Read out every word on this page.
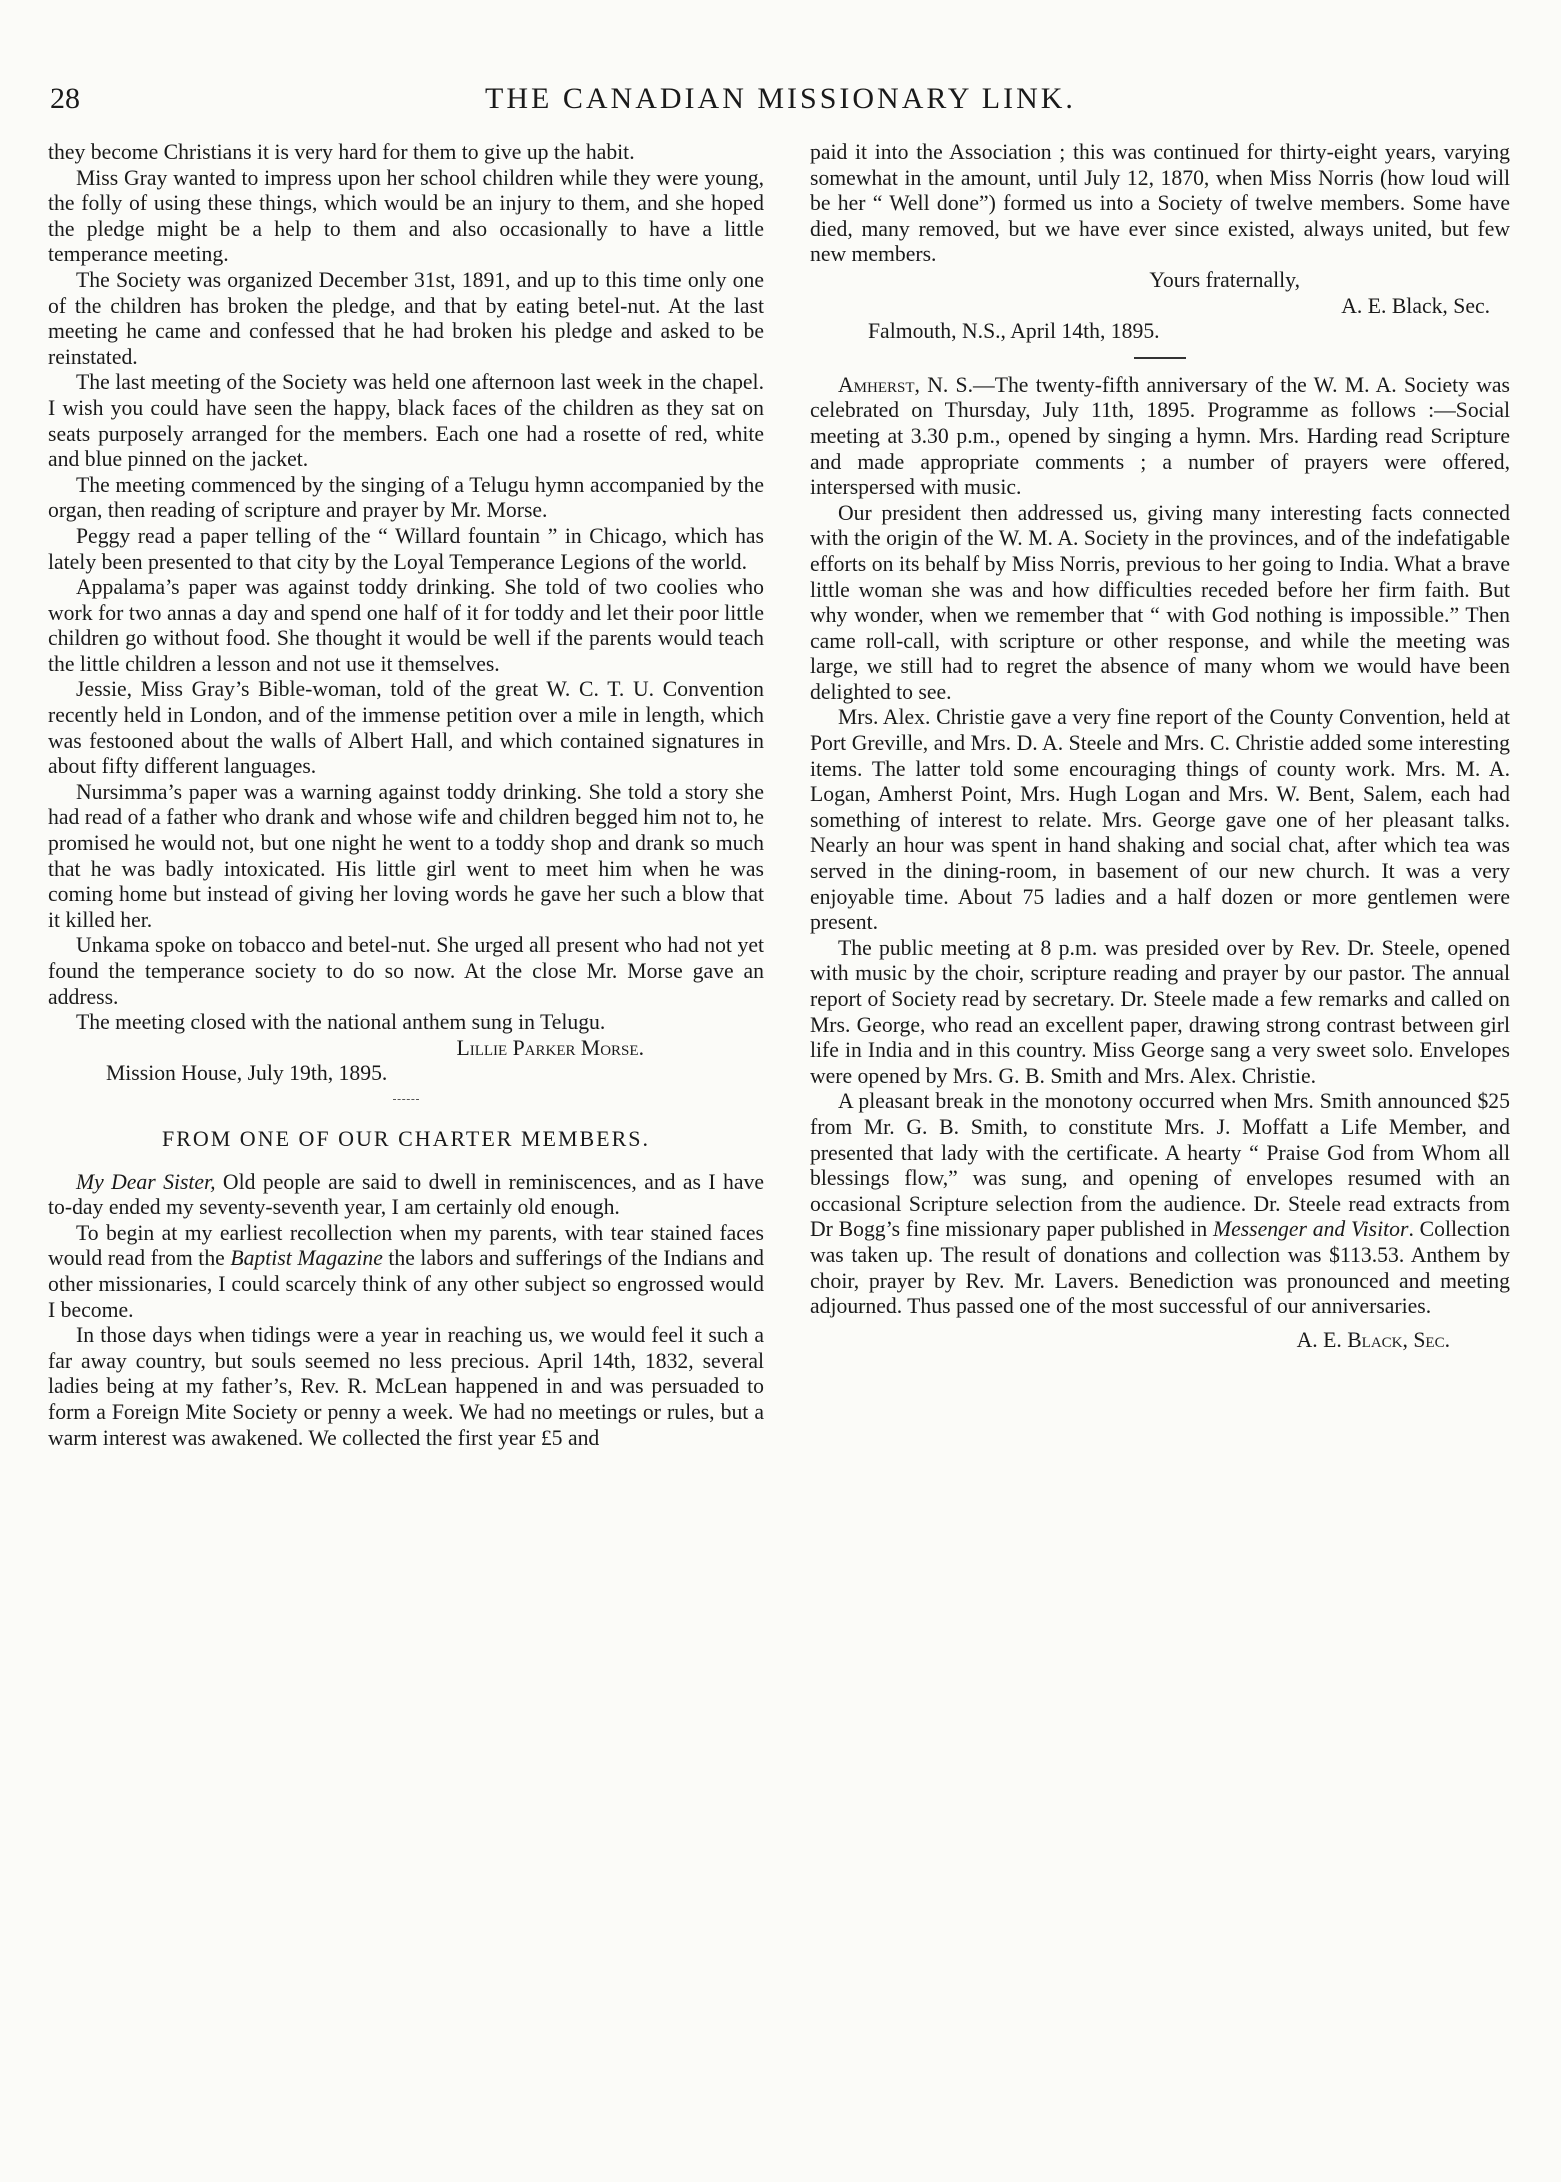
28	THE CANADIAN MISSIONARY LINK.

they become Christians it is very hard for them to give up the habit.

Miss Gray wanted to impress upon her school children while they were young, the folly of using these things, which would be an injury to them, and she hoped the pledge might be a help to them and also occasionally to have a little temperance meeting.

The Society was organized December 31st, 1891, and up to this time only one of the children has broken the pledge, and that by eating betel-nut. At the last meeting he came and confessed that he had broken his pledge and asked to be reinstated.

The last meeting of the Society was held one afternoon last week in the chapel. I wish you could have seen the happy, black faces of the children as they sat on seats purposely arranged for the members. Each one had a rosette of red, white and blue pinned on the jacket.

The meeting commenced by the singing of a Telugu hymn accompanied by the organ, then reading of scripture and prayer by Mr. Morse.

Peggy read a paper telling of the “ Willard fountain ” in Chicago, which has lately been presented to that city by the Loyal Temperance Legions of the world.

Appalama’s paper was against toddy drinking. She told of two coolies who work for two annas a day and spend one half of it for toddy and let their poor little children go without food. She thought it would be well if the parents would teach the little children a lesson and not use it themselves.

Jessie, Miss Gray’s Bible-woman, told of the great W. C. T. U. Convention recently held in London, and of the immense petition over a mile in length, which was festooned about the walls of Albert Hall, and which contained signatures in about fifty different languages.

Nursimma’s paper was a warning against toddy drinking. She told a story she had read of a father who drank and whose wife and children begged him not to, he promised he would not, but one night he went to a toddy shop and drank so much that he was badly intoxicated. His little girl went to meet him when he was coming home but instead of giving her loving words he gave her such a blow that it killed her.

Unkama spoke on tobacco and betel-nut. She urged all present who had not yet found the temperance society to do so now. At the close Mr. Morse gave an address.

The meeting closed with the national anthem sung in Telugu.

Lillie Parker Morse.

Mission House, July 19th, 1895.

FROM ONE OF OUR CHARTER MEMBERS.

My Dear Sister, Old people are said to dwell in reminiscences, and as I have to-day ended my seventy-seventh year, I am certainly old enough.

To begin at my earliest recollection when my parents, with tear stained faces would read from the Baptist Magazine the labors and sufferings of the Indians and other missionaries, I could scarcely think of any other subject so engrossed would I become.

In those days when tidings were a year in reaching us, we would feel it such a far away country, but souls seemed no less precious. April 14th, 1832, several ladies being at my father’s, Rev. R. McLean happened in and was persuaded to form a Foreign Mite Society or penny a week. We had no meetings or rules, but a warm interest was awakened. We collected the first year £5 and

paid it into the Association ; this was continued for thirty-eight years, varying somewhat in the amount, until July 12, 1870, when Miss Norris (how loud will be her “ Well done”) formed us into a Society of twelve members. Some have died, many removed, but we have ever since existed, always united, but few new members.

Yours fraternally,

A. E. Black, Sec.

Falmouth, N.S., April 14th, 1895.

Amherst, N. S.—The twenty-fifth anniversary of the W. M. A. Society was celebrated on Thursday, July 11th, 1895. Programme as follows :—Social meeting at 3.30 p.m., opened by singing a hymn. Mrs. Harding read Scripture and made appropriate comments ; a number of prayers were offered, interspersed with music.

Our president then addressed us, giving many interesting facts connected with the origin of the W. M. A. Society in the provinces, and of the indefatigable efforts on its behalf by Miss Norris, previous to her going to India. What a brave little woman she was and how difficulties receded before her firm faith. But why wonder, when we remember that “ with God nothing is impossible.” Then came roll-call, with scripture or other response, and while the meeting was large, we still had to regret the absence of many whom we would have been delighted to see.

Mrs. Alex. Christie gave a very fine report of the County Convention, held at Port Greville, and Mrs. D. A. Steele and Mrs. C. Christie added some interesting items. The latter told some encouraging things of county work. Mrs. M. A. Logan, Amherst Point, Mrs. Hugh Logan and Mrs. W. Bent, Salem, each had something of interest to relate. Mrs. George gave one of her pleasant talks. Nearly an hour was spent in hand shaking and social chat, after which tea was served in the dining-room, in basement of our new church. It was a very enjoyable time. About 75 ladies and a half dozen or more gentlemen were present.

The public meeting at 8 p.m. was presided over by Rev. Dr. Steele, opened with music by the choir, scripture reading and prayer by our pastor. The annual report of Society read by secretary. Dr. Steele made a few remarks and called on Mrs. George, who read an excellent paper, drawing strong contrast between girl life in India and in this country. Miss George sang a very sweet solo. Envelopes were opened by Mrs. G. B. Smith and Mrs. Alex. Christie.

A pleasant break in the monotony occurred when Mrs. Smith announced $25 from Mr. G. B. Smith, to constitute Mrs. J. Moffatt a Life Member, and presented that lady with the certificate. A hearty “ Praise God from Whom all blessings flow,” was sung, and opening of envelopes resumed with an occasional Scripture selection from the audience. Dr. Steele read extracts from Dr Bogg’s fine missionary paper published in Messenger and Visitor. Collection was taken up. The result of donations and collection was $113.53. Anthem by choir, prayer by Rev. Mr. Lavers. Benediction was pronounced and meeting adjourned. Thus passed one of the most successful of our anniversaries.

A. E. Black, Sec.
